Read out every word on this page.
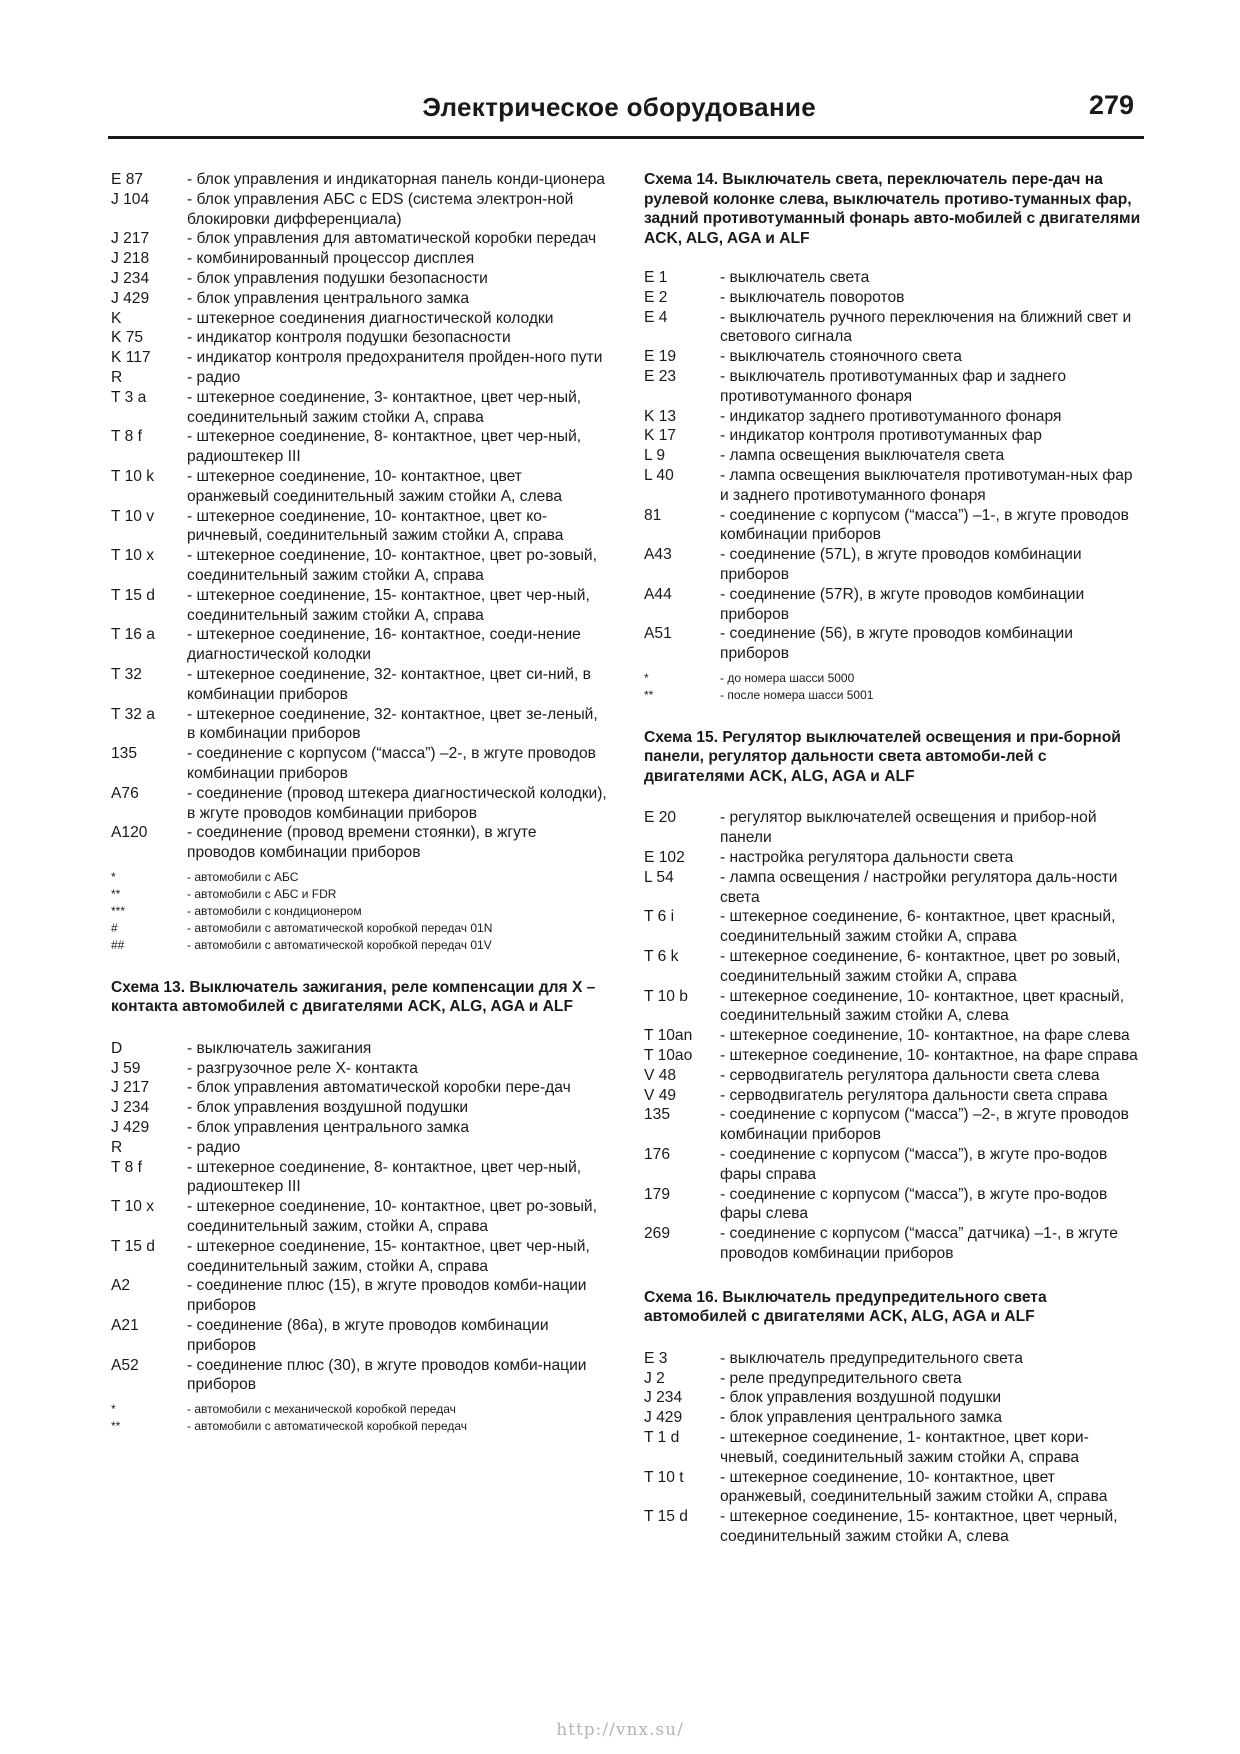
Электрическое оборудование	279
E 87	- блок управления и индикаторная панель конди-ционера
J 104	- блок управления АБС с EDS (система электрон-ной блокировки дифференциала)
J 217	- блок управления для автоматической коробки передач
J 218	- комбинированный процессор дисплея
J 234	- блок управления подушки безопасности
J 429	- блок управления центрального замка
K	- штекерное соединения диагностической колодки
K 75	- индикатор контроля подушки безопасности
K 117	- индикатор контроля предохранителя пройден-ного пути
R	- радио
T 3 a	- штекерное соединение, 3- контактное, цвет чер-ный, соединительный зажим стойки А, справа
T 8 f	- штекерное соединение, 8- контактное, цвет чер-ный, радиоштекер III
T 10 k	- штекерное соединение, 10- контактное, цвет оранжевый соединительный зажим стойки А, слева
T 10 v	- штекерное соединение, 10- контактное, цвет ко-ричневый, соединительный зажим стойки А, справа
T 10 x	- штекерное соединение, 10- контактное, цвет ро-зовый, соединительный зажим стойки А, справа
T 15 d	- штекерное соединение, 15- контактное, цвет чер-ный, соединительный зажим стойки А, справа
T 16 a	- штекерное соединение, 16- контактное, соеди-нение диагностической колодки
T 32	- штекерное соединение, 32- контактное, цвет си-ний, в комбинации приборов
T 32 a	- штекерное соединение, 32- контактное, цвет зе-леный, в комбинации приборов
135	- соединение с корпусом (“масса”) –2-, в жгуте проводов комбинации приборов
A76	- соединение (провод штекера диагностической колодки), в жгуте проводов комбинации приборов
A120	- соединение (провод времени стоянки), в жгуте проводов комбинации приборов
*	- автомобили с АБС
**	- автомобили с АБС и FDR
***	- автомобили с кондиционером
#	- автомобили с автоматической коробкой передач 01N
##	- автомобили с автоматической коробкой передач 01V
Схема 13. Выключатель зажигания, реле компенсации для Х – контакта автомобилей с двигателями ACK, ALG, AGA и ALF
D	- выключатель зажигания
J 59	- разгрузочное реле Х- контакта
J 217	- блок управления автоматической коробки пере-дач
J 234	- блок управления воздушной подушки
J 429	- блок управления центрального замка
R	- радио
T 8 f	- штекерное соединение, 8- контактное, цвет чер-ный, радиоштекер III
T 10 x	- штекерное соединение, 10- контактное, цвет ро-зовый, соединительный зажим, стойки А, справа
T 15 d	- штекерное соединение, 15- контактное, цвет чер-ный, соединительный зажим, стойки А, справа
A2	- соединение плюс (15), в жгуте проводов комби-нации приборов
A21	- соединение (86а), в жгуте проводов комбинации приборов
A52	- соединение плюс (30), в жгуте проводов комби-нации приборов
*	- автомобили с механической коробкой передач
**	- автомобили с автоматической коробкой передач
Схема 14. Выключатель света, переключатель пере-дач на рулевой колонке слева, выключатель противо-туманных фар, задний противотуманный фонарь авто-мобилей с двигателями ACK, ALG, AGA и ALF
E 1	- выключатель света
E 2	- выключатель поворотов
E 4	- выключатель ручного переключения на ближний свет и светового сигнала
E 19	- выключатель стояночного света
E 23	- выключатель противотуманных фар и заднего противотуманного фонаря
K 13	- индикатор заднего противотуманного фонаря
K 17	- индикатор контроля противотуманных фар
L 9	- лампа освещения выключателя света
L 40	- лампа освещения выключателя противотуман-ных фар и заднего противотуманного фонаря
81	- соединение с корпусом (“масса”) –1-, в жгуте проводов комбинации приборов
A43	- соединение (57L), в жгуте проводов комбинации приборов
A44	- соединение (57R), в жгуте проводов комбинации приборов
A51	- соединение (56), в жгуте проводов комбинации приборов
*	- до номера шасси 5000
**	- после номера шасси 5001
Схема 15. Регулятор выключателей освещения и при-борной панели, регулятор дальности света автомоби-лей с двигателями ACK, ALG, AGA и ALF
E 20	- регулятор выключателей освещения и прибор-ной панели
E 102	- настройка регулятора дальности света
L 54	- лампа освещения / настройки регулятора даль-ности света
T 6 i	- штекерное соединение, 6- контактное, цвет красный, соединительный зажим стойки А, справа
T 6 k	- штекерное соединение, 6- контактное, цвет ро зовый, соединительный зажим стойки А, справа
T 10 b	- штекерное соединение, 10- контактное, цвет красный, соединительный зажим стойки А, слева
T 10an	- штекерное соединение, 10- контактное, на фаре слева
T 10ao	- штекерное соединение, 10- контактное, на фаре справа
V 48	- серводвигатель регулятора дальности света слева
V 49	- серводвигатель регулятора дальности света справа
135	- соединение с корпусом (“масса”) –2-, в жгуте проводов комбинации приборов
176	- соединение с корпусом (“масса”), в жгуте про-водов фары справа
179	- соединение с корпусом (“масса”), в жгуте про-водов фары слева
269	- соединение с корпусом (“масса” датчика) –1-, в жгуте проводов комбинации приборов
Схема 16. Выключатель предупредительного света автомобилей с двигателями ACK, ALG, AGA и ALF
E 3	- выключатель предупредительного света
J 2	- реле предупредительного света
J 234	- блок управления воздушной подушки
J 429	- блок управления центрального замка
T 1 d	- штекерное соединение, 1- контактное, цвет кори-чневый, соединительный зажим стойки А, справа
T 10 t	- штекерное соединение, 10- контактное, цвет оранжевый, соединительный зажим стойки А, справа
T 15 d	- штекерное соединение, 15- контактное, цвет черный, соединительный зажим стойки А, слева
http://vnx.su/
